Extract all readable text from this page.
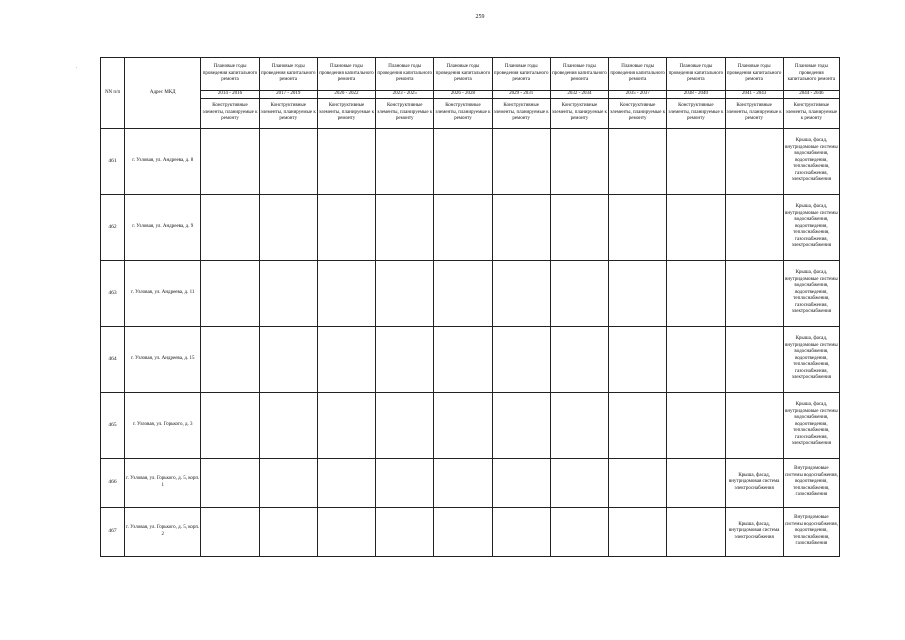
259
NN п/п	Адрес МКД	Плановые годы проведения капитального ремонта	Плановые годы проведения капитального ремонта	Плановые годы проведения капитального ремонта	Плановые годы проведения капитального ремонта	Плановые годы проведения капитального ремонта	Плановые годы проведения капитального ремонта	Плановые годы проведения капитального ремонта	Плановые годы проведения капитального ремонта	Плановые годы проведения капитального ремонта	Плановые годы проведения капитального ремонта	Плановые годы проведения капитального ремонта
		2014 - 2016	2017 - 2019	2020 - 2022	2023 - 2025	2026 - 2028	2029 - 2031	2032 - 2034	2035 - 2037	2038 - 2040	2041 - 2043	2044 - 2046
		Конструктивные элементы, планируемые к ремонту	Конструктивные элементы, планируемые к ремонту	Конструктивные элементы, планируемые к ремонту	Конструктивные элементы, планируемые к ремонту	Конструктивные элементы, планируемые к ремонту	Конструктивные элементы, планируемые к ремонту	Конструктивные элементы, планируемые к ремонту	Конструктивные элементы, планируемые к ремонту	Конструктивные элементы, планируемые к ремонту	Конструктивные элементы, планируемые к ремонту	Конструктивные элементы, планируемые к ремонту
461	г. Узловая, ул. Андреева, д. 8											Крыша, фасад, внутридомовые системы водоснабжения, водоотведения, теплоснабжения, газоснабжения, электроснабжения
462	г. Узловая, ул. Андреева, д. 9											Крыша, фасад, внутридомовые системы водоснабжения, водоотведения, теплоснабжения, газоснабжения, электроснабжения
463	г. Узловая, ул. Андреева, д. 11											Крыша, фасад, внутридомовые системы водоснабжения, водоотведения, теплоснабжения, газоснабжения, электроснабжения
464	г. Узловая, ул. Андреева, д. 15											Крыша, фасад, внутридомовые системы водоснабжения, водоотведения, теплоснабжения, газоснабжения, электроснабжения
465	г. Узловая, ул. Горького, д. 3											Крыша, фасад, внутридомовые системы водоснабжения, водоотведения, теплоснабжения, газоснабжения, электроснабжения
466	г. Узловая, ул. Горького, д. 5, корп. 1										Крыша, фасад, внутридомовая система электроснабжения	Внутридомовые системы водоснабжения, водоотведения, теплоснабжения, газоснабжения
467	г. Узловая, ул. Горького, д. 5, корп. 2										Крыша, фасад, внутридомовая система электроснабжения	Внутридомовые системы водоснабжения, водоотведения, теплоснабжения, газоснабжения
·
